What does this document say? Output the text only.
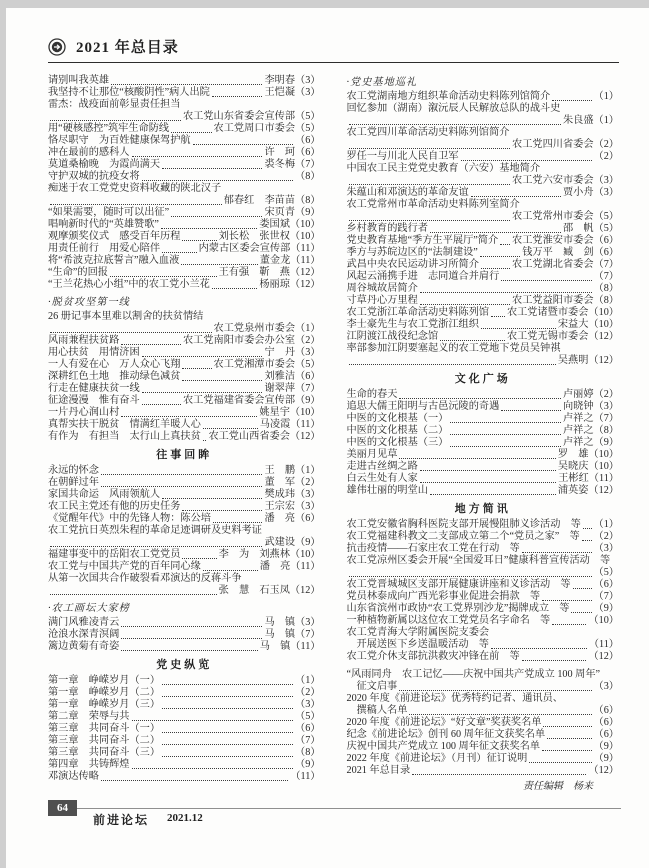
2021 年总目录
请别叫我英雄	李明春（3）
我坚持不让那位“核酸阴性”病人出院	王恺凝（3）
雷杰：战疫面前彰显责任担当
农工党山东省委会宣传部（5）
用“硬核感控”筑牢生命防线	农工党周口市委会（5）
恪尽职守　为百姓健康保驾护航	（6）
冲在最前的感科人	许　珂（6）
莫道桑榆晚　为霞尚满天	裘冬梅（7）
守护双城的抗疫女将	（8）
痴迷于农工党党史资料收藏的陕北汉子
郁春红　李苗苗（8）
“如果需要，随时可以出征”	宋页青（9）
唱响新时代的“英雄赞歌”	娄国斌（10）
观摩颁奖仪式　感受百年历程	刘长松　张世权（10）
用责任前行　用爱心陪伴	内蒙古区委会宣传部（11）
将“希波克拉底誓言”融入血液	董金龙（11）
“生命”的回报	王有强　靳　燕（12）
“王兰花热心小组”中的农工党小兰花	杨丽琼（12）
·脱贫攻坚第一线
26 册记事本里难以割舍的扶贫情结
农工党泉州市委会（1）
风雨兼程扶贫路	农工党南阳市委会办公室（2）
用心扶贫　用情济困	宁　丹（3）
一人有爱在心　万人众心飞翔	农工党湘潭市委会（5）
深耕红色土地　推动绿色减贫	刘雅洁（6）
行走在健康扶贫一线	谢翠萍（7）
征途漫漫　惟有奋斗	农工党福建省委会宣传部（9）
一片丹心润山村	姚星宇（10）
真帮实扶干脱贫　情满红羊暖人心	马凌霞（11）
有作为　有担当　太行山上真扶贫 农工党山西省委会（12）
往事回眸
永远的怀念	王　鹏（1）
在朝鲜过年	董　军（2）
家国共命运　风雨领航人	樊成玮（3）
农工民主党还有他的历史任务	王宗宏（3）
《觉醒年代》中的先锋人物：陈公培	潘　亮（6）
农工党抗日英烈朱程的革命足迹调研及史料考证
武建设（9）
福建事变中的岳阳农工党党员	李　为　刘燕林（10）
农工党与中国共产党的百年同心缘	潘　亮（11）
从第一次国共合作破裂看邓演达的反蒋斗争
张　慧　石玉凤（12）
·农工画坛大家榜
满门风雅凌青云	马　镇（3）
沧浪水深青溟阔	马　镇（7）
篱边黄菊有奇姿	马　镇（11）
党史纵览
第一章　峥嵘岁月（一）	（1）
第一章　峥嵘岁月（二）	（2）
第一章　峥嵘岁月（三）	（3）
第二章　荣辱与共	（5）
第三章　共同奋斗（一）	（6）
第三章　共同奋斗（二）	（7）
第三章　共同奋斗（三）	（8）
第四章　共铸辉煌	（9）
邓演达传略	（11）
·党史基地巡礼
农工党湖南地方组织革命活动史料陈列馆简介	（1）
回忆参加（湖南）溆沅辰人民解放总队的战斗史
朱良盛（1）
农工党四川革命活动史料陈列馆简介
农工党四川省委会（2）
罗任一与川北人民自卫军	（2）
中国农工民主党党史教育（六安）基地简介
农工党六安市委会（3）
朱蕴山和邓演达的革命友谊	贾小舟（3）
农工党常州市革命活动史料陈列室简介
农工党常州市委会（5）
乡村教育的践行者	邵　帆（5）
党史教育基地“季方生平展厅”简介 农工党淮安市委会（6）
季方与苏皖边区的“法制建设”	钱万平　臧　剑（6）
武昌中央农民运动讲习所简介	农工党湖北省委会（7）
风起云涌携手进　志同道合并肩行	（7）
周谷城故居简介	（8）
寸草丹心万里程	农工党益阳市委会（8）
农工党浙江革命活动史料陈列馆 农工党诸暨市委会（10）
李士豪先生与农工党浙江组织	宋益大（10）
江阴渡江战役纪念馆	农工党无锡市委会（12）
率部参加江阴要塞起义的农工党地下党员吴钟祺
吴燕明（12）
文化广场
生命的春天	卢丽婷（2）
追思大儒王阳明与古邑沅陵的奇遇	向晓钟（3）
中医的文化根基（一）	卢祥之（7）
中医的文化根基（二）	卢祥之（8）
中医的文化根基（三）	卢祥之（9）
美丽月见草	罗　雄（10）
走进古丝绸之路	吴晓庆（10）
白云生处有人家	王彬红（11）
雄伟壮丽的明堂山	浦英姿（12）
地方简讯
农工党安徽省胸科医院支部开展慢阻肺义诊活动　等 （1）
农工党福建科教文二支部成立第二个“党员之家”　等 （2）
抗击疫情——石家庄农工党在行动　等	（3）
农工党凉州区委会开展“全国爱耳日”健康科普宣传活动　等
（5）
农工党晋城城区支部开展健康讲座和义诊活动　等 （6）
党员林泰成向广西光彩事业促进会捐款　等	（7）
山东省滨州市政协“农工党界别沙龙”揭牌成立　等 （9）
一种植物新属以这位农工党党员名字命名　等	（10）
农工党青海大学附属医院支委会
开展送医下乡送温暖活动　等	（11）
农工党介休支部抗洪救灾冲锋在前　等	（12）
“风雨同舟　农工记忆——庆祝中国共产党成立 100 周年”
征文启事	（3）
2020 年度《前进论坛》优秀特约记者、通讯员、
撰稿人名单	（6）
2020 年度《前进论坛》“好文章”奖获奖名单	（6）
纪念《前进论坛》创刊 60 周年征文获奖名单	（6）
庆祝中国共产党成立 100 周年征文获奖名单	（9）
2022 年度《前进论坛》（月刊）征订说明	（9）
2021 年总目录	（12）
责任编辑　杨来
64
前进论坛 2021.12
